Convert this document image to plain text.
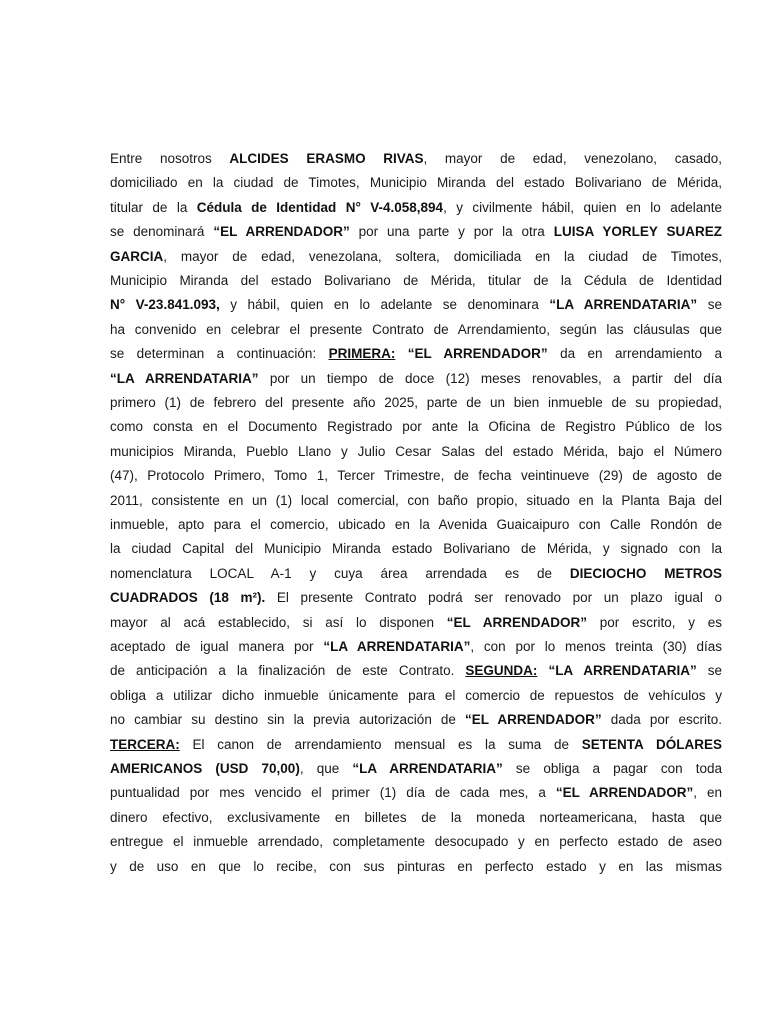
Entre nosotros ALCIDES ERASMO RIVAS, mayor de edad, venezolano, casado,
domiciliado en la ciudad de Timotes, Municipio Miranda del estado Bolivariano de Mérida,
titular de la Cédula de Identidad N° V-4.058,894, y civilmente hábil, quien en lo adelante
se denominará “EL ARRENDADOR” por una parte y por la otra LUISA YORLEY SUAREZ
GARCIA, mayor de edad, venezolana, soltera, domiciliada en la ciudad de Timotes,
Municipio Miranda del estado Bolivariano de Mérida, titular de la Cédula de Identidad
N° V-23.841.093, y hábil, quien en lo adelante se denominara “LA ARRENDATARIA” se
ha convenido en celebrar el presente Contrato de Arrendamiento, según las cláusulas que
se determinan a continuación: PRIMERA: “EL ARRENDADOR” da en arrendamiento a
“LA ARRENDATARIA” por un tiempo de doce (12) meses renovables, a partir del día
primero (1) de febrero del presente año 2025, parte de un bien inmueble de su propiedad,
como consta en el Documento Registrado por ante la Oficina de Registro Público de los
municipios Miranda, Pueblo Llano y Julio Cesar Salas del estado Mérida, bajo el Número
(47), Protocolo Primero, Tomo 1, Tercer Trimestre, de fecha veintinueve (29) de agosto de
2011, consistente en un (1) local comercial, con baño propio, situado en la Planta Baja del
inmueble, apto para el comercio, ubicado en la Avenida Guaicaipuro con Calle Rondón de
la ciudad Capital del Municipio Miranda estado Bolivariano de Mérida, y signado con la
nomenclatura LOCAL A-1 y cuya área arrendada es de DIECIOCHO METROS
CUADRADOS (18 m²). El presente Contrato podrá ser renovado por un plazo igual o
mayor al acá establecido, si así lo disponen “EL ARRENDADOR” por escrito, y es
aceptado de igual manera por “LA ARRENDATARIA”, con por lo menos treinta (30) días
de anticipación a la finalización de este Contrato. SEGUNDA: “LA ARRENDATARIA” se
obliga a utilizar dicho inmueble únicamente para el comercio de repuestos de vehículos y
no cambiar su destino sin la previa autorización de “EL ARRENDADOR” dada por escrito.
TERCERA: El canon de arrendamiento mensual es la suma de SETENTA DÓLARES
AMERICANOS (USD 70,00), que “LA ARRENDATARIA” se obliga a pagar con toda
puntualidad por mes vencido el primer (1) día de cada mes, a “EL ARRENDADOR”, en
dinero efectivo, exclusivamente en billetes de la moneda norteamericana, hasta que
entregue el inmueble arrendado, completamente desocupado y en perfecto estado de aseo
y de uso en que lo recibe, con sus pinturas en perfecto estado y en las mismas
